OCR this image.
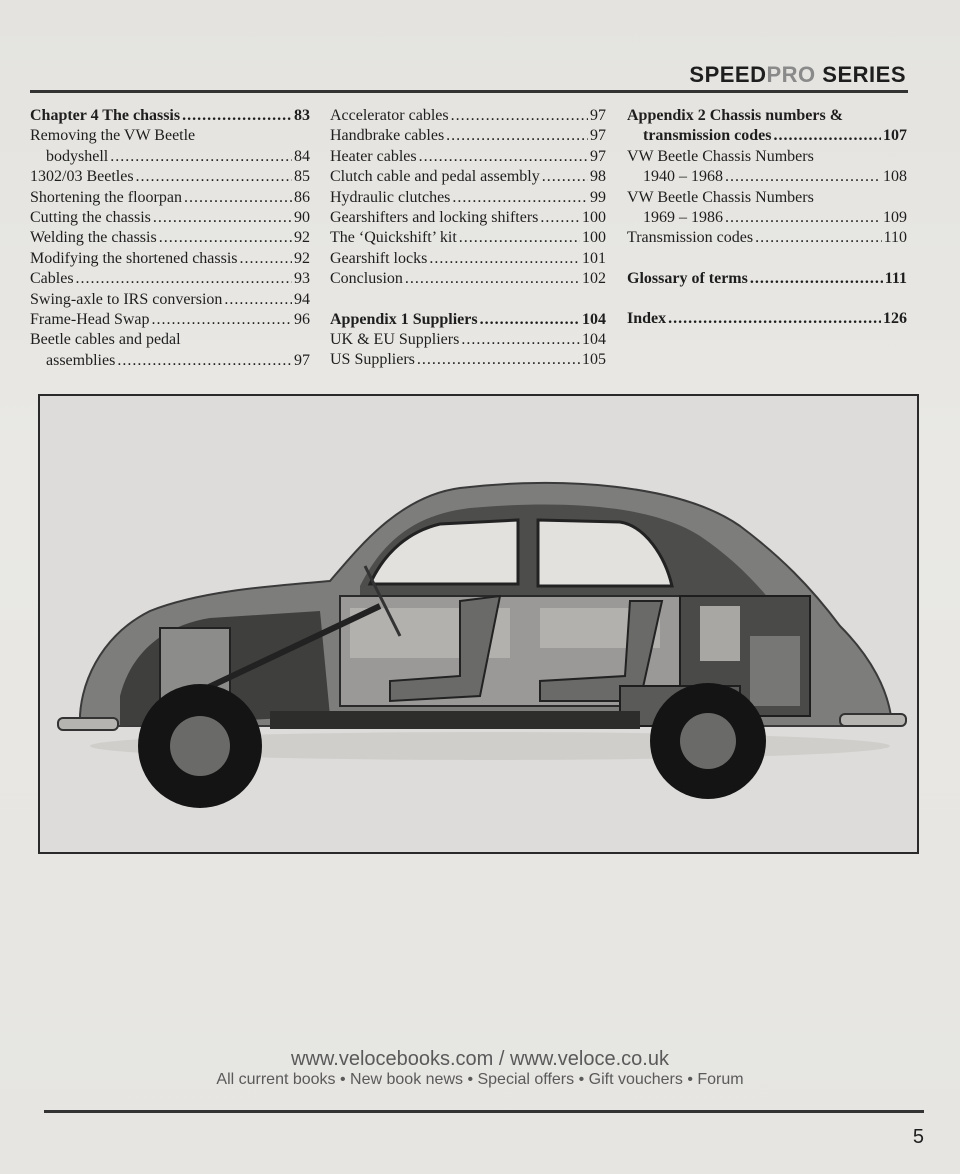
SPEEDPRO SERIES
Chapter 4 The chassis .....	83
Removing the VW Beetle
bodyshell .....	84
1302/03 Beetles .....	85
Shortening the floorpan .....	86
Cutting the chassis .....	90
Welding the chassis .....	92
Modifying the shortened chassis .....	92
Cables .....	93
Swing-axle to IRS conversion .....	94
Frame-Head Swap .....	96
Beetle cables and pedal
assemblies .....	97
Accelerator cables .....	97
Handbrake cables .....	97
Heater cables .....	97
Clutch cable and pedal assembly .....	98
Hydraulic clutches .....	99
Gearshifters and locking shifters .....	100
The ‘Quickshift’ kit .....	100
Gearshift locks .....	101
Conclusion .....	102
Appendix 1 Suppliers .....	104
UK & EU Suppliers .....	104
US Suppliers .....	105
Appendix 2 Chassis numbers &
transmission codes .....	107
VW Beetle Chassis Numbers
1940 – 1968 .....	108
VW Beetle Chassis Numbers
1969 – 1986 .....	109
Transmission codes .....	110
Glossary of terms .....	111
Index .....	126
www.velocebooks.com / www.veloce.co.uk
All current books • New book news • Special offers • Gift vouchers • Forum
5
